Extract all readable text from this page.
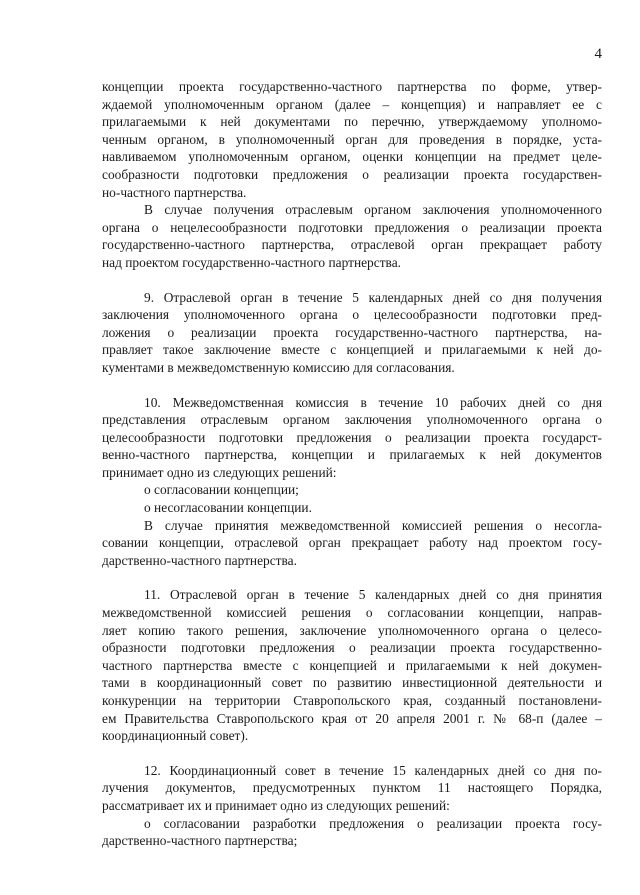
4

концепции проекта государственно-частного партнерства по форме, утвер-
ждаемой уполномоченным органом (далее – концепция) и направляет ее с
прилагаемыми к ней документами по перечню, утверждаемому уполномо-
ченным органом, в уполномоченный орган для проведения в порядке, уста-
навливаемом уполномоченным органом, оценки концепции на предмет целе-
сообразности подготовки предложения о реализации проекта государствен-
но-частного партнерства.

В случае получения отраслевым органом заключения уполномоченного
органа о нецелесообразности подготовки предложения о реализации проекта
государственно-частного партнерства, отраслевой орган прекращает работу
над проектом государственно-частного партнерства.

9. Отраслевой орган в течение 5 календарных дней со дня получения
заключения уполномоченного органа о целесообразности подготовки пред-
ложения о реализации проекта государственно-частного партнерства, на-
правляет такое заключение вместе с концепцией и прилагаемыми к ней до-
кументами в межведомственную комиссию для согласования.

10. Межведомственная комиссия в течение 10 рабочих дней со дня
представления отраслевым органом заключения уполномоченного органа о
целесообразности подготовки предложения о реализации проекта государст-
венно-частного партнерства, концепции и прилагаемых к ней документов
принимает одно из следующих решений:

о согласовании концепции;

о несогласовании концепции.

В случае принятия межведомственной комиссией решения о несогла-
совании концепции, отраслевой орган прекращает работу над проектом госу-
дарственно-частного партнерства.

11. Отраслевой орган в течение 5 календарных дней со дня принятия
межведомственной комиссией решения о согласовании концепции, направ-
ляет копию такого решения, заключение уполномоченного органа о целесо-
образности подготовки предложения о реализации проекта государственно-
частного партнерства вместе с концепцией и прилагаемыми к ней докумен-
тами в координационный совет по развитию инвестиционной деятельности и
конкуренции на территории Ставропольского края, созданный постановлени-
ем Правительства Ставропольского края от 20 апреля 2001 г. № 68-п (далее –
координационный совет).

12. Координационный совет в течение 15 календарных дней со дня по-
лучения документов, предусмотренных пунктом 11 настоящего Порядка,
рассматривает их и принимает одно из следующих решений:

о согласовании разработки предложения о реализации проекта госу-
дарственно-частного партнерства;
